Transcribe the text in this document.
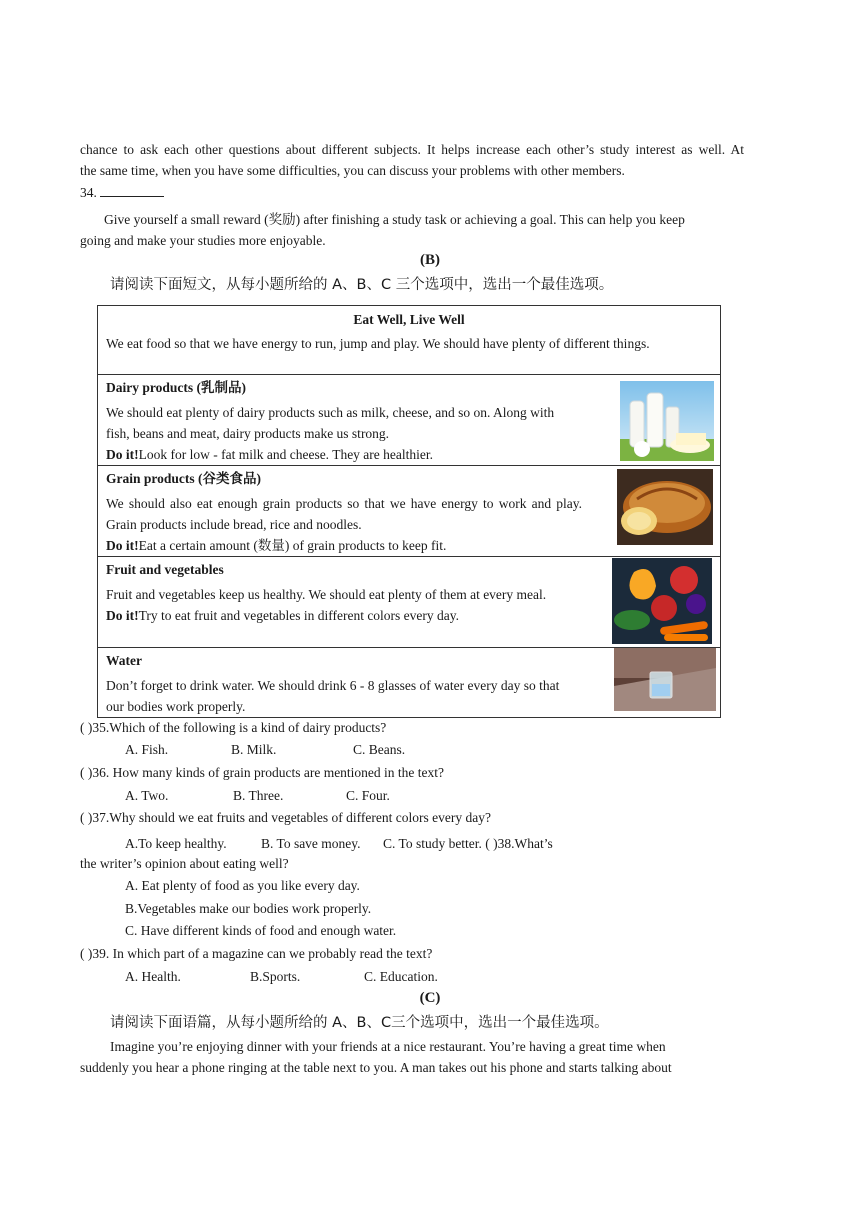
chance to ask each other questions about different subjects. It helps increase each other’s study interest as well. At
the same time, when you have some difficulties, you can discuss your problems with other members.
34.
Give yourself a small reward (奖励) after finishing a study task or achieving a goal. This can help you keep
going and make your studies more enjoyable.
(B)
请阅读下面短文，从每小题所给的 A、B、C 三个选项中，选出一个最佳选项。

Eat Well, Live Well

We eat food so that we have energy to run, jump and play. We should have plenty of different things.	

Dairy products (乳制品)

We should eat plenty of dairy products such as milk, cheese, and so on. Along with

fish, beans and meat, dairy products make us strong.

Do it!Look for low - fat milk and cheese. They are healthier.	

Grain products (谷类食品)

We should also eat enough grain products so that we have energy to work and play.

Grain products include bread, rice and noodles.

Do it!Eat a certain amount (数量) of grain products to keep fit.	

Fruit and vegetables

Fruit and vegetables keep us healthy. We should eat plenty of them at every meal.

Do it!Try to eat fruit and vegetables in different colors every day.	

Water

Don’t forget to drink water. We should drink 6 - 8 glasses of water every day so that

our bodies work properly.	

( )35.Which of the following is a kind of dairy products?
A. Fish.	B. Milk.	C. Beans.
( )36. How many kinds of grain products are mentioned in the text?
A. Two.	B. Three.	C. Four.
( )37.Why should we eat fruits and vegetables of different colors every day?
A.To keep healthy.	B. To save money. C. To study better. ( )38.What’s
the writer’s opinion about eating well?
A. Eat plenty of food as you like every day.
B.Vegetables make our bodies work properly.
C. Have different kinds of food and enough water.
( )39. In which part of a magazine can we probably read the text?
A. Health.	B.Sports.	C. Education.
(C)
请阅读下面语篇，从每小题所给的 A、B、C三个选项中，选出一个最佳选项。
Imagine you’re enjoying dinner with your friends at a nice restaurant. You’re having a great time when
suddenly you hear a phone ringing at the table next to you. A man takes out his phone and starts talking about
